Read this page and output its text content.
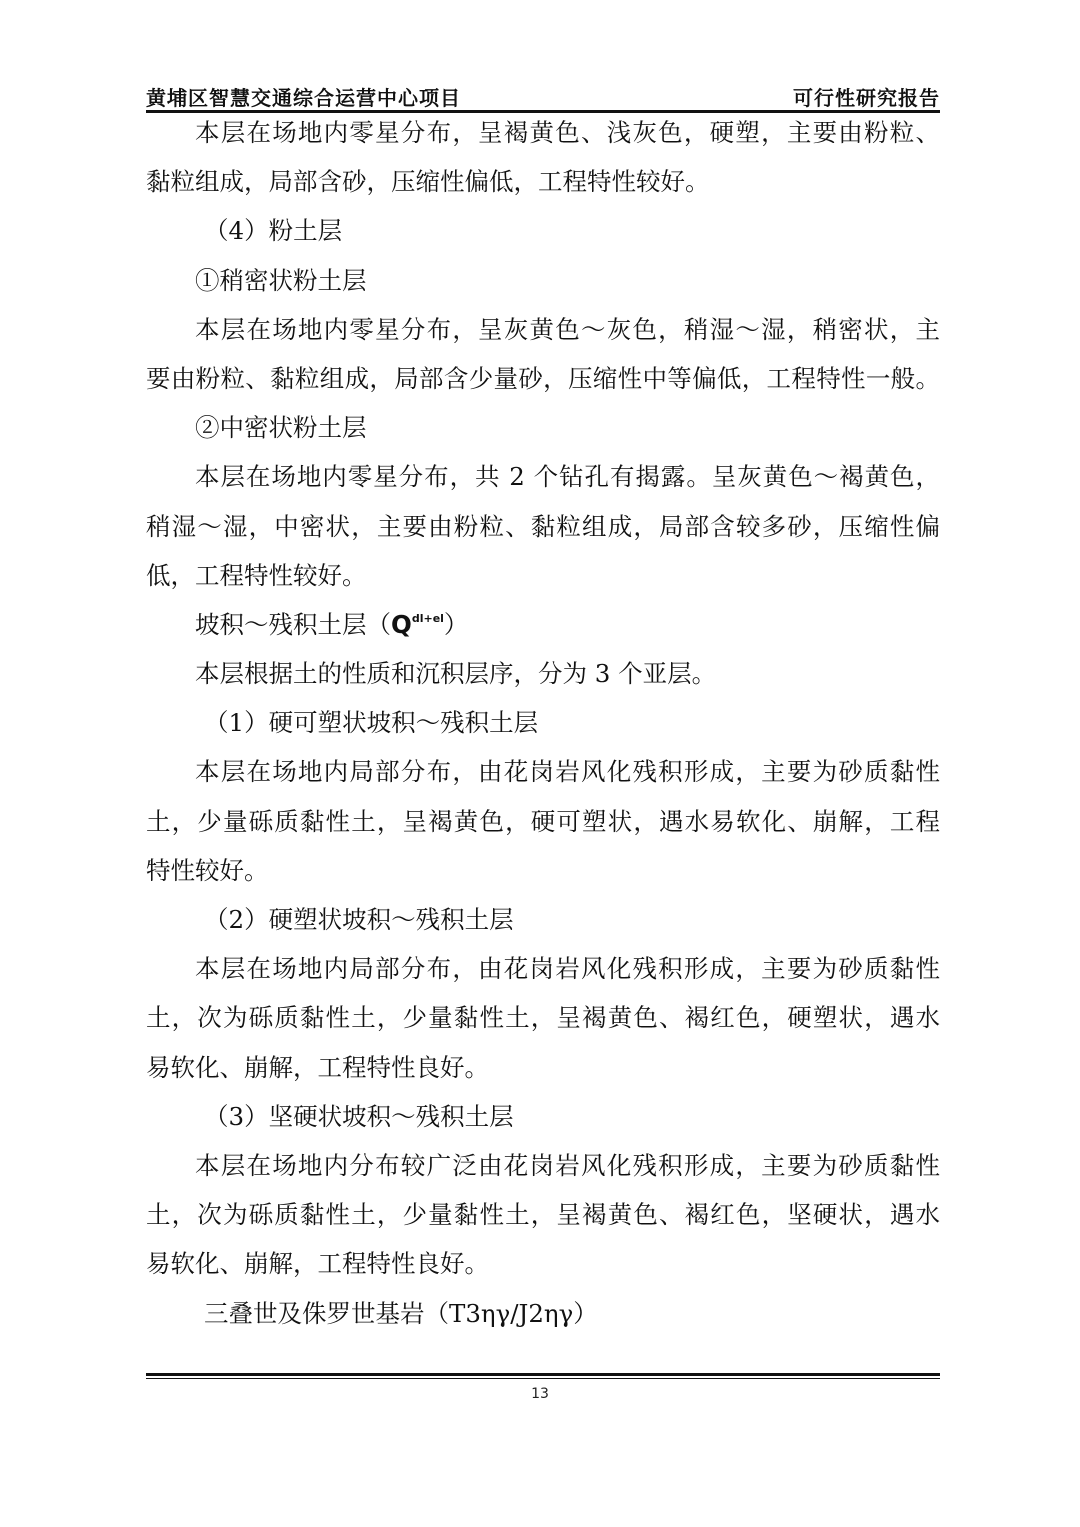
黄埔区智慧交通综合运营中心项目	可行性研究报告
本层在场地内零星分布，呈褐黄色、浅灰色，硬塑，主要由粉粒、
黏粒组成，局部含砂，压缩性偏低，工程特性较好。
（4）粉土层
①稍密状粉土层
本层在场地内零星分布，呈灰黄色～灰色，稍湿～湿，稍密状，主
要由粉粒、黏粒组成，局部含少量砂，压缩性中等偏低，工程特性一般。
②中密状粉土层
本层在场地内零星分布，共 2 个钻孔有揭露。呈灰黄色～褐黄色，
稍湿～湿，中密状，主要由粉粒、黏粒组成，局部含较多砂，压缩性偏
低，工程特性较好。
坡积～残积土层$(Q^{dl+el})$
本层根据土的性质和沉积层序，分为 3 个亚层。
（1）硬可塑状坡积～残积土层
本层在场地内局部分布，由花岗岩风化残积形成，主要为砂质黏性
土，少量砾质黏性土，呈褐黄色，硬可塑状，遇水易软化、崩解，工程
特性较好。
（2）硬塑状坡积～残积土层
本层在场地内局部分布，由花岗岩风化残积形成，主要为砂质黏性
土，次为砾质黏性土，少量黏性土，呈褐黄色、褐红色，硬塑状，遇水
易软化、崩解，工程特性良好。
（3）坚硬状坡积～残积土层
本层在场地内分布较广泛由花岗岩风化残积形成，主要为砂质黏性
土，次为砾质黏性土，少量黏性土，呈褐黄色、褐红色，坚硬状，遇水
易软化、崩解，工程特性良好。
三叠世及侏罗世基岩（T3ηγ/J2ηγ）
13
